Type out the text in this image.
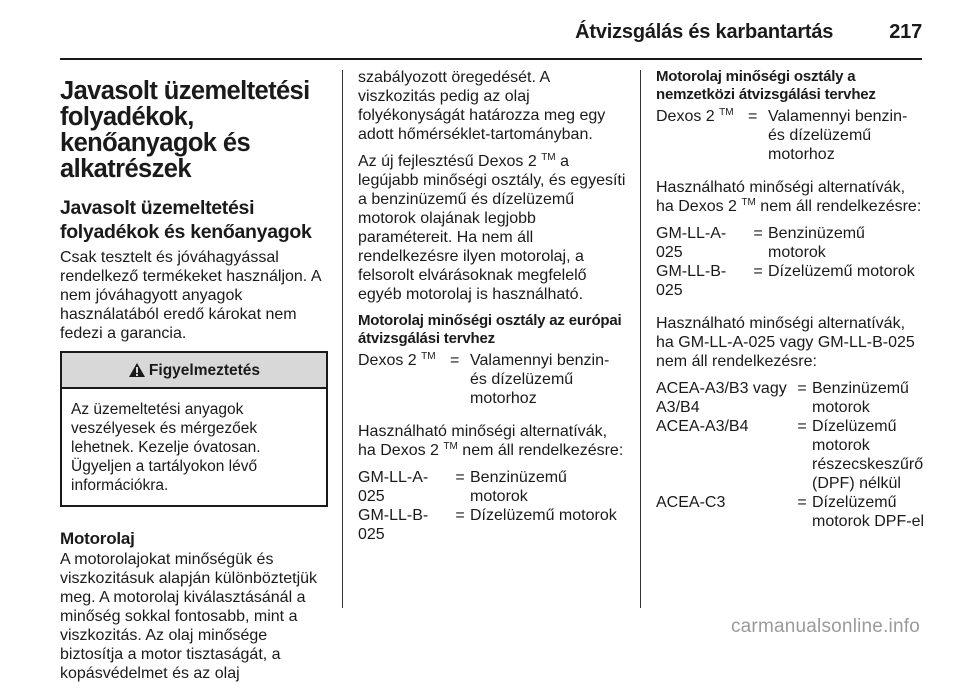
Átvizsgálás és karbantartás	217
Javasolt üzemeltetési folyadékok, kenőanyagok és alkatrészek
Javasolt üzemeltetési folyadékok és kenőanyagok

Csak tesztelt és jóváhagyással rendelkező termékeket használjon. A nem jóváhagyott anyagok használatából eredő károkat nem fedezi a garancia.

Figyelmeztetés
Az üzemeltetési anyagok veszélyesek és mérgezőek lehetnek. Kezelje óvatosan. Ügyeljen a tartályokon lévő információkra.
Motorolaj

A motorolajokat minőségük és viszkozitásuk alapján különböztetjük meg. A motorolaj kiválasztásánál a minőség sokkal fontosabb, mint a viszkozitás. Az olaj minősége biztosítja a motor tisztaságát, a kopásvédelmet és az olaj

szabályozott öregedését. A viszkozitás pedig az olaj folyékonyságát határozza meg egy adott hőmérséklet-tartományban.

Az új fejlesztésű Dexos 2 ™ a legújabb minőségi osztály, és egyesíti a benzinüzemű és dízelüzemű motorok olajának legjobb paramétereit. Ha nem áll rendelkezésre ilyen motorolaj, a felsorolt elvárásoknak megfelelő egyéb motorolaj is használható.

Motorolaj minőségi osztály az európai átvizsgálási tervhez
Dexos 2 ™ = Valamennyi benzin- és dízelüzemű motorhoz

Használható minőségi alternatívák, ha Dexos 2 ™ nem áll rendelkezésre:

GM-LL-A-025
= Benzinüzemű motorok
GM-LL-B-025
= Dízelüzemű motorok
Motorolaj minőségi osztály a nemzetközi átvizsgálási tervhez
Dexos 2 ™ = Valamennyi benzin- és dízelüzemű motorhoz

Használható minőségi alternatívák, ha Dexos 2 ™ nem áll rendelkezésre:

GM-LL-A-025
= Benzinüzemű motorok
GM-LL-B-025
= Dízelüzemű motorok

Használható minőségi alternatívák, ha GM-LL-A-025 vagy GM-LL-B-025 nem áll rendelkezésre:

ACEA-A3/B3 vagy A3/B4
= Benzinüzemű motorok
ACEA-A3/B4	= Dízelüzemű motorok részecskeszűrő (DPF) nélkül
ACEA-C3	= Dízelüzemű motorok DPF-el
carmanualsonline.info
